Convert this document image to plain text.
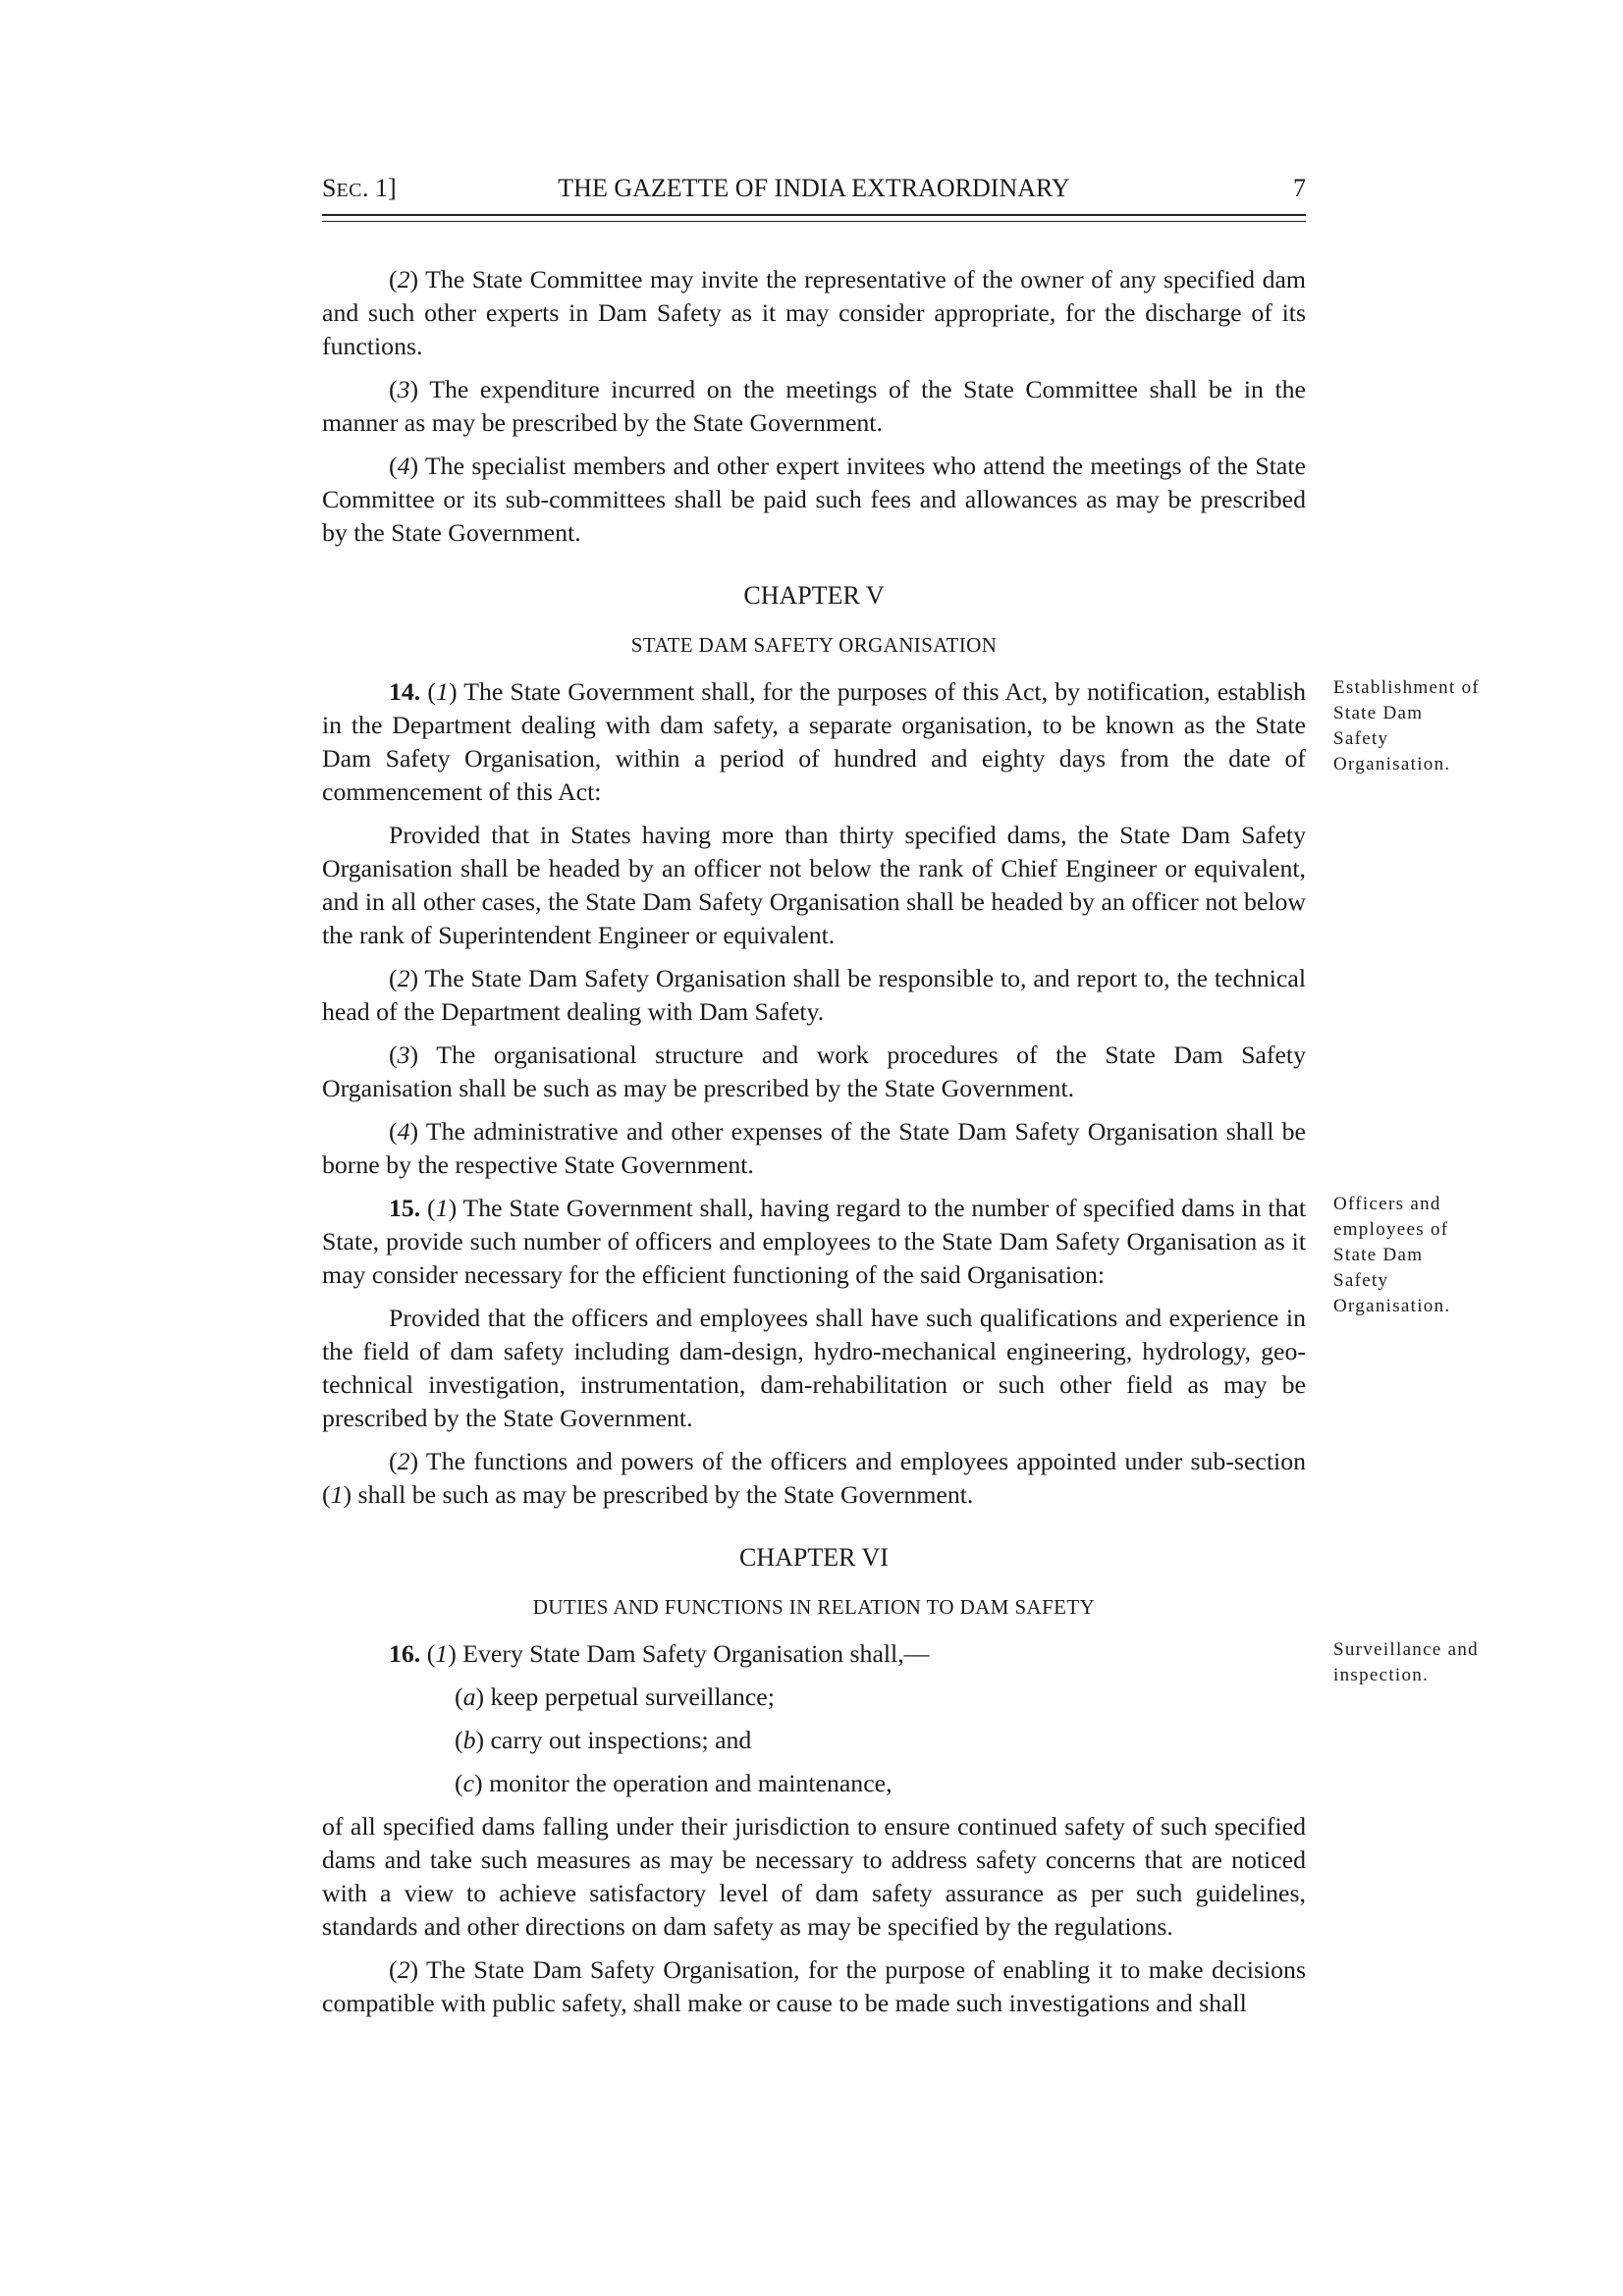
SEC. 1]	THE GAZETTE OF INDIA EXTRAORDINARY	7

(2) The State Committee may invite the representative of the owner of any specified dam and such other experts in Dam Safety as it may consider appropriate, for the discharge of its functions.

(3) The expenditure incurred on the meetings of the State Committee shall be in the manner as may be prescribed by the State Government.

(4) The specialist members and other expert invitees who attend the meetings of the State Committee or its sub-committees shall be paid such fees and allowances as may be prescribed by the State Government.

CHAPTER V
STATE DAM SAFETY ORGANISATION
Establishment of State Dam Safety Organisation.

14. (1) The State Government shall, for the purposes of this Act, by notification, establish in the Department dealing with dam safety, a separate organisation, to be known as the State Dam Safety Organisation, within a period of hundred and eighty days from the date of commencement of this Act:

Provided that in States having more than thirty specified dams, the State Dam Safety Organisation shall be headed by an officer not below the rank of Chief Engineer or equivalent, and in all other cases, the State Dam Safety Organisation shall be headed by an officer not below the rank of Superintendent Engineer or equivalent.

(2) The State Dam Safety Organisation shall be responsible to, and report to, the technical head of the Department dealing with Dam Safety.

(3) The organisational structure and work procedures of the State Dam Safety Organisation shall be such as may be prescribed by the State Government.

(4) The administrative and other expenses of the State Dam Safety Organisation shall be borne by the respective State Government.

Officers and employees of State Dam Safety Organisation.

15. (1) The State Government shall, having regard to the number of specified dams in that State, provide such number of officers and employees to the State Dam Safety Organisation as it may consider necessary for the efficient functioning of the said Organisation:

Provided that the officers and employees shall have such qualifications and experience in the field of dam safety including dam-design, hydro-mechanical engineering, hydrology, geo-technical investigation, instrumentation, dam-rehabilitation or such other field as may be prescribed by the State Government.

(2) The functions and powers of the officers and employees appointed under sub-section (1) shall be such as may be prescribed by the State Government.

CHAPTER VI
DUTIES AND FUNCTIONS IN RELATION TO DAM SAFETY
Surveillance and inspection.

16. (1) Every State Dam Safety Organisation shall,—

(a) keep perpetual surveillance;

(b) carry out inspections; and

(c) monitor the operation and maintenance,

of all specified dams falling under their jurisdiction to ensure continued safety of such specified dams and take such measures as may be necessary to address safety concerns that are noticed with a view to achieve satisfactory level of dam safety assurance as per such guidelines, standards and other directions on dam safety as may be specified by the regulations.

(2) The State Dam Safety Organisation, for the purpose of enabling it to make decisions compatible with public safety, shall make or cause to be made such investigations and shall
